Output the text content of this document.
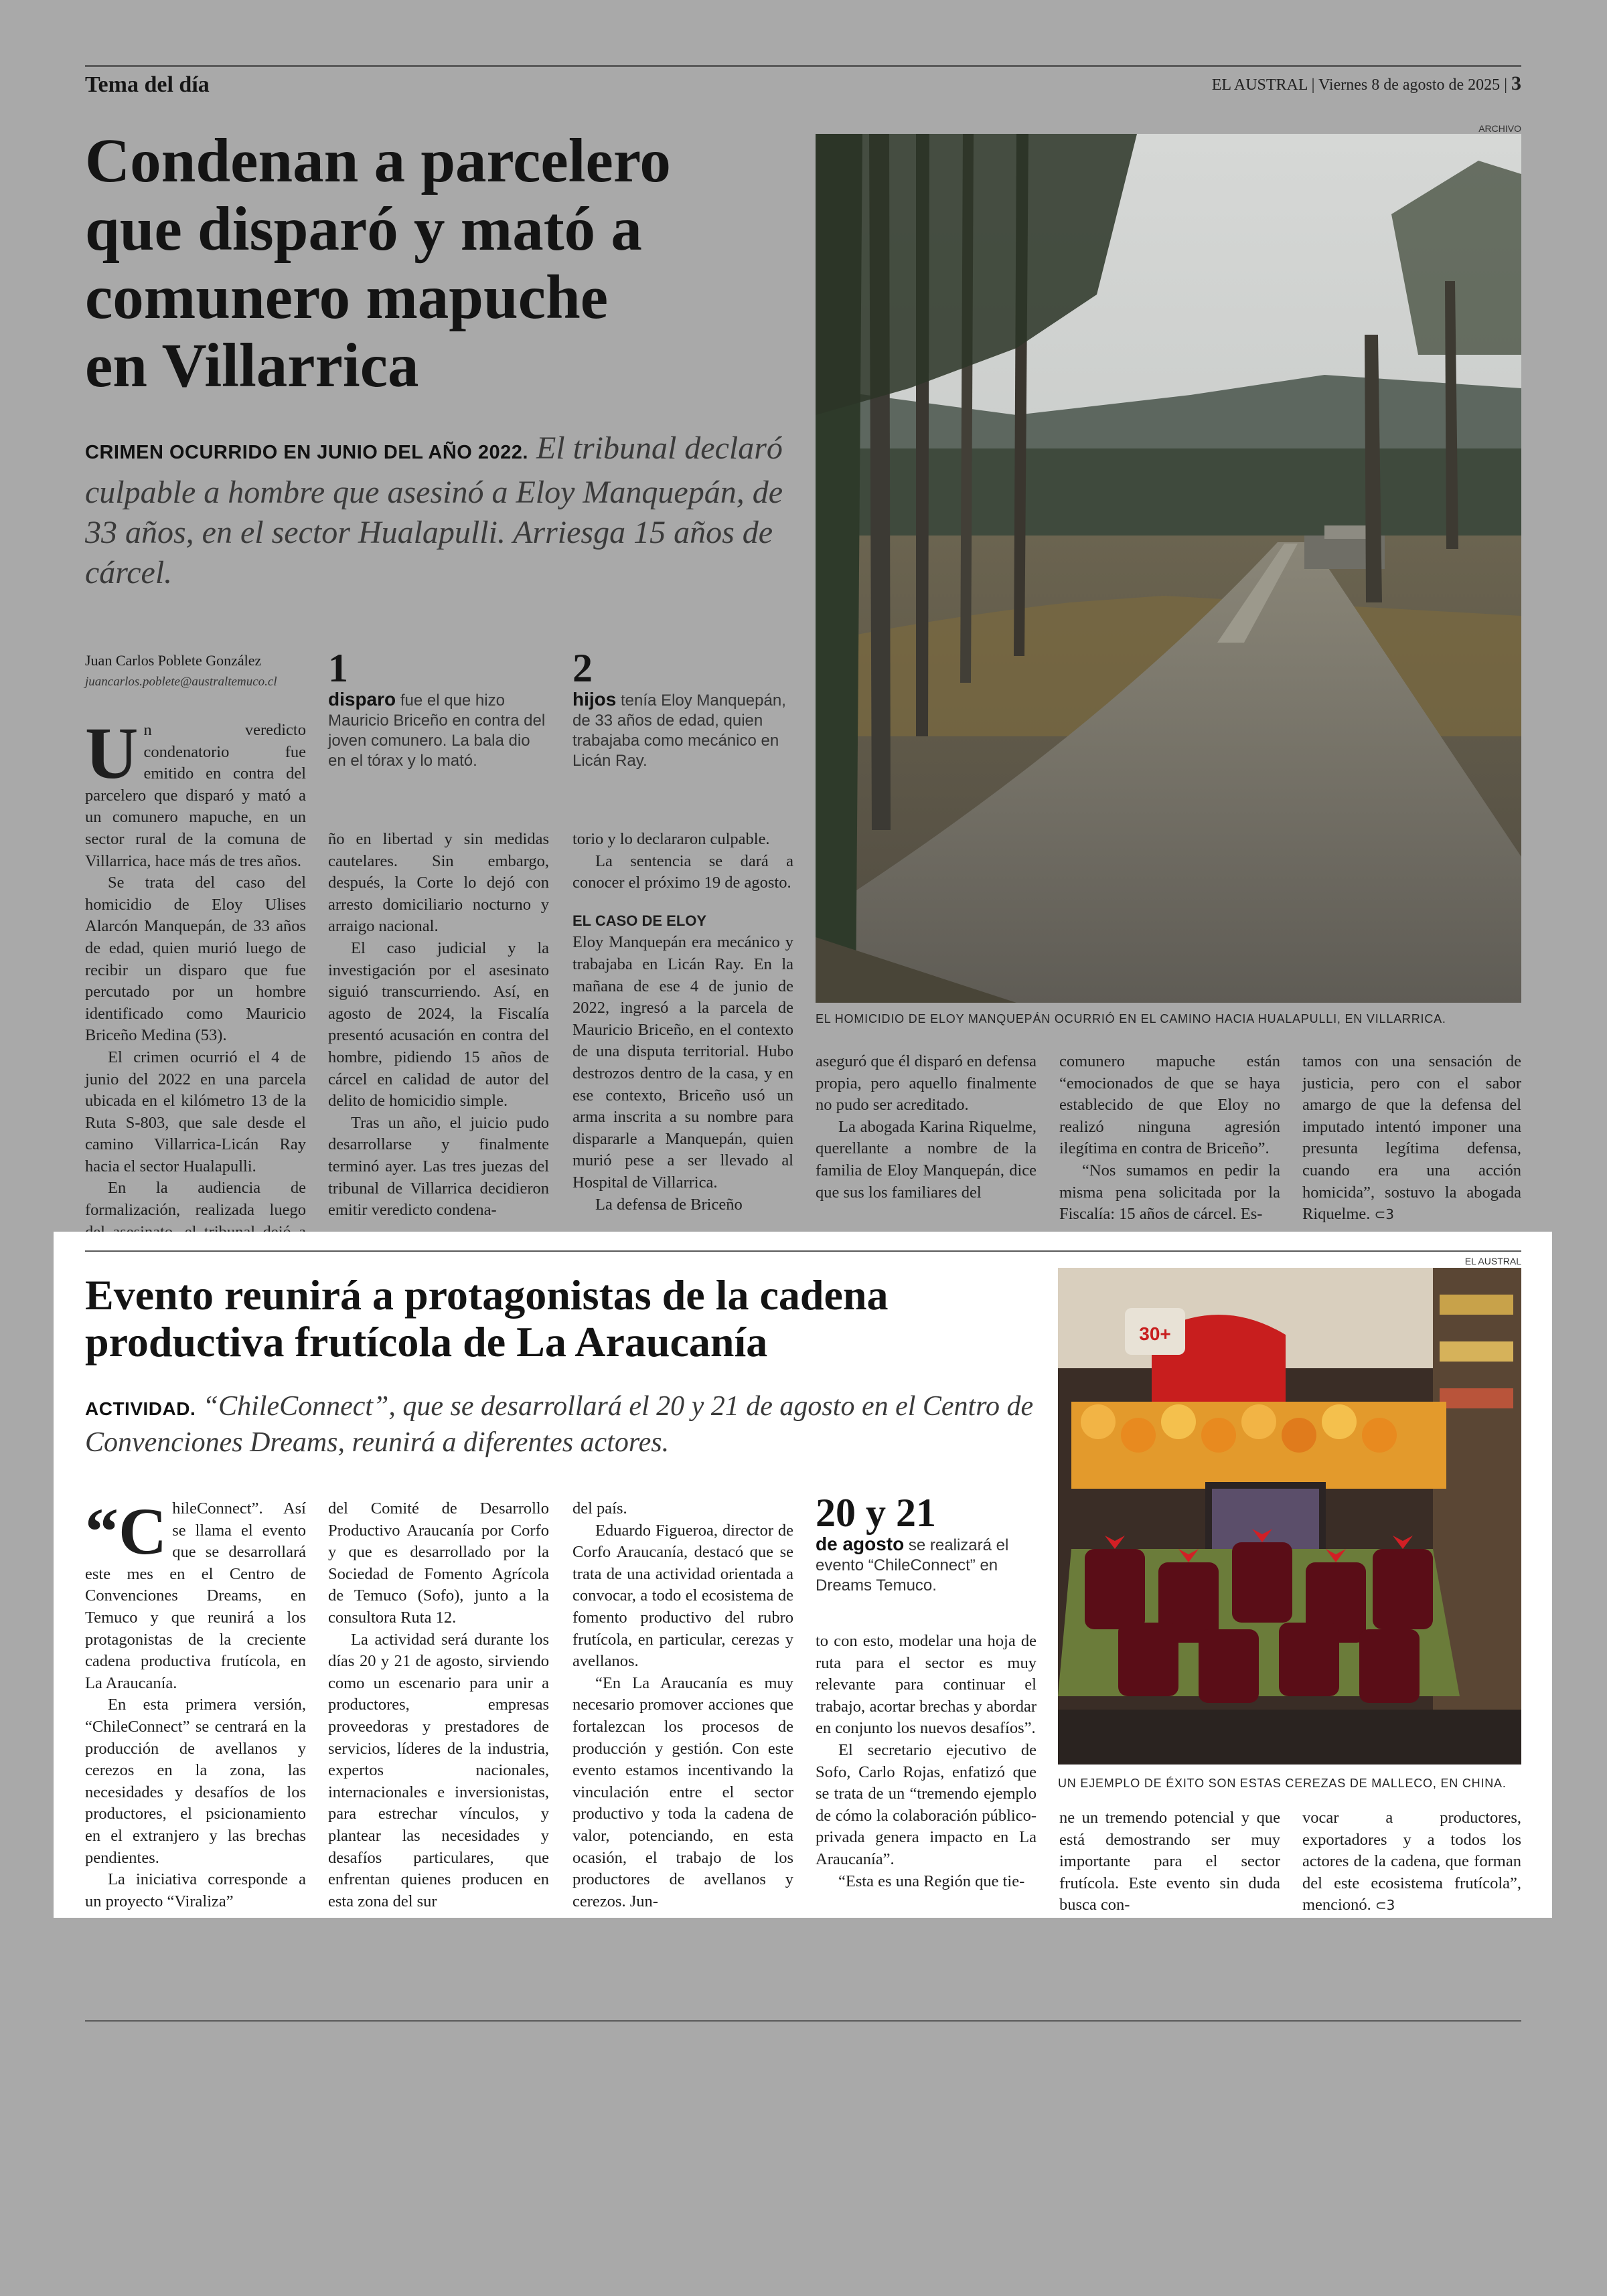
Tema del día	EL AUSTRAL | Viernes 8 de agosto de 2025 | 3
Condenan a parcelero
que disparó y mató a
comunero mapuche
en Villarrica
CRIMEN OCURRIDO EN JUNIO DEL AÑO 2022. El tribunal declaró culpable a hombre que asesinó a Eloy Manquepán, de 33 años, en el sector Hualapulli. Arriesga 15 años de cárcel.
ARCHIVO
EL HOMICIDIO DE ELOY MANQUEPÁN OCURRIÓ EN EL CAMINO HACIA HUALAPULLI, EN VILLARRICA.
Juan Carlos Poblete González
juancarlos.poblete@australtemuco.cl	1
disparo fue el que hizo Mauricio Briceño en contra del joven comunero. La bala dio en el tórax y lo mató.
2
hijos tenía Eloy Manquepán, de 33 años de edad, quien trabajaba como mecánico en Licán Ray.

Un veredicto condenatorio fue emitido en contra del parcelero que disparó y mató a un comunero mapuche, en un sector rural de la comuna de Villarrica, hace más de tres años.

Se trata del caso del homicidio de Eloy Ulises Alarcón Manquepán, de 33 años de edad, quien murió luego de recibir un disparo que fue percutado por un hombre identificado como Mauricio Briceño Medina (53).

El crimen ocurrió el 4 de junio del 2022 en una parcela ubicada en el kilómetro 13 de la Ruta S-803, que sale desde el camino Villarrica-Licán Ray hacia el sector Hualapulli.

En la audiencia de formalización, realizada luego

ño en libertad y sin medidas cautelares. Sin embargo, después, la Corte lo dejó con arresto domiciliario nocturno y arraigo nacional.

El caso judicial y la investigación por el asesinato siguió transcurriendo. Así, en agosto de 2024, la Fiscalía presentó acusación en contra del hombre, pidiendo 15 años de cárcel en calidad de autor del delito de homicidio simple.

Tras un año, el juicio pudo desarrollarse y finalmente terminó ayer. Las tres juezas del tribunal de Villarrica decidieron emitir veredicto condena-

torio y lo declararon culpable.

La sentencia se dará a conocer el próximo 19 de agosto.

EL CASO DE ELOY

Eloy Manquepán era mecánico y trabajaba en Licán Ray. En la mañana de ese 4 de junio de 2022, ingresó a la parcela de Mauricio Briceño, en el contexto de una disputa territorial. Hubo destrozos dentro de la casa, y en ese contexto, Briceño usó un arma inscrita a su nombre para dispararle a Manquepán, quien murió pese a ser llevado al Hospital de Villarrica.

La defensa de Briceño

aseguró que él disparó en defensa propia, pero aquello finalmente no pudo ser acreditado.

La abogada Karina Riquelme, querellante a nombre de la familia de Eloy Manquepán, dice que sus los familiares del

comunero mapuche están “emocionados de que se haya establecido de que Eloy no realizó ninguna agresión ilegítima en contra de Briceño”.

“Nos sumamos en pedir la misma pena solicitada por la Fiscalía: 15 años de cárcel. Es-

tamos con una sensación de justicia, pero con el sabor amargo de que la defensa del imputado intentó imponer una presunta legítima defensa, cuando era una acción homicida”, sostuvo la abogada Riquelme. ⊂3

Evento reunirá a protagonistas de la cadena
productiva frutícola de La Araucanía
ACTIVIDAD. “ChileConnect”, que se desarrollará el 20 y 21 de agosto en el Centro de Convenciones Dreams, reunirá a diferentes actores.
EL AUSTRAL
30+
UN EJEMPLO DE ÉXITO SON ESTAS CEREZAS DE MALLECO, EN CHINA.
20 y 21
de agosto se realizará el evento “ChileConnect” en Dreams Temuco.

“ChileConnect”. Así se llama el evento que se desarrollará este mes en el Centro de Convenciones Dreams, en Temuco y que reunirá a los protagonistas de la creciente cadena productiva frutícola, en La Araucanía.

En esta primera versión, “ChileConnect” se centrará en la producción de avellanos y cerezos en la zona, las necesidades y desafíos de los productores, el psicionamiento en el extranjero y las brechas pendientes.

La iniciativa corresponde a un proyecto “Viraliza”

del Comité de Desarrollo Productivo Araucanía por Corfo y que es desarrollado por la Sociedad de Fomento Agrícola de Temuco (Sofo), junto a la consultora Ruta 12.

La actividad será durante los días 20 y 21 de agosto, sirviendo como un escenario para unir a productores, empresas proveedoras y prestadores de servicios, líderes de la industria, expertos nacionales, internacionales e inversionistas, para estrechar vínculos, y plantear las necesidades y desafíos particulares, que enfrentan quienes producen en esta zona del sur

del país.

Eduardo Figueroa, director de Corfo Araucanía, destacó que se trata de una actividad orientada a convocar, a todo el ecosistema de fomento productivo del rubro frutícola, en particular, cerezas y avellanos.

“En La Araucanía es muy necesario promover acciones que fortalezcan los procesos de producción y gestión. Con este evento estamos incentivando la vinculación entre el sector productivo y toda la cadena de valor, potenciando, en esta ocasión, el trabajo de los productores de avellanos y cerezos. Jun-

to con esto, modelar una hoja de ruta para el sector es muy relevante para continuar el trabajo, acortar brechas y abordar en conjunto los nuevos desafíos”.

El secretario ejecutivo de Sofo, Carlo Rojas, enfatizó que se trata de un “tremendo ejemplo de cómo la colaboración público-privada genera impacto en La Araucanía”.

“Esta es una Región que tie-

ne un tremendo potencial y que está demostrando ser muy importante para el sector frutícola. Este evento sin duda busca con-

vocar a productores, exportadores y a todos los actores de la cadena, que forman del este ecosistema frutícola”, mencionó. ⊂3
